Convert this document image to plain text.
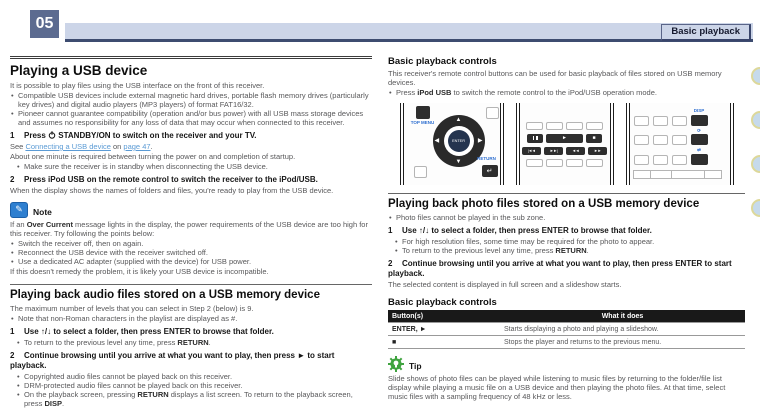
05	Basic playback
Playing a USB device

It is possible to play files using the USB interface on the front of this receiver.

• Compatible USB devices include external magnetic hard drives, portable flash memory drives (particularly key drives) and digital audio players (MP3 players) of format FAT16/32.
• Pioneer cannot guarantee compatibility (operation and/or bus power) with all USB mass storage devices and assumes no responsibility for any loss of data that may occur when connected to this receiver.

1 Press STANDBY/ON to switch on the receiver and your TV.

See Connecting a USB device on page 47.

About one minute is required between turning the power on and completion of startup.

• Make sure the receiver is in standby when disconnecting the USB device.

2 Press iPod USB on the remote control to switch the receiver to the iPod/USB.

When the display shows the names of folders and files, you're ready to play from the USB device.

✎	Note

If an Over Current message lights in the display, the power requirements of the USB device are too high for this receiver. Try following the points below:

• Switch the receiver off, then on again.
• Reconnect the USB device with the receiver switched off.
• Use a dedicated AC adapter (supplied with the device) for USB power.

If this doesn't remedy the problem, it is likely your USB device is incompatible.

Playing back audio files stored on a USB memory device

The maximum number of levels that you can select in Step 2 (below) is 9.

• Note that non-Roman characters in the playlist are displayed as #.

1 Use ↑/↓ to select a folder, then press ENTER to browse that folder.

• To return to the previous level any time, press RETURN.

2 Continue browsing until you arrive at what you want to play, then press ► to start playback.

• Copyrighted audio files cannot be played back on this receiver.
• DRM-protected audio files cannot be played back on this receiver.
• On the playback screen, pressing RETURN displays a list screen. To return to the playback screen, press DISP.
Basic playback controls

This receiver's remote control buttons can be used for basic playback of files stored on USB memory devices.

• Press iPod USB to switch the remote control to the iPod/USB operation mode.
TOP MENU	▲
▼
◀	▶
ENTER
RETURN
↵
►	■
|◄◄	►►|	◄◄	►►
DISP
⟳
⇄
Playing back photo files stored on a USB memory device
• Photo files cannot be played in the sub zone.

1 Use ↑/↓ to select a folder, then press ENTER to browse that folder.

• For high resolution files, some time may be required for the photo to appear.
• To return to the previous level any time, press RETURN.

2 Continue browsing until you arrive at what you want to play, then press ENTER to start playback.

The selected content is displayed in full screen and a slideshow starts.

Basic playback controls
Button(s)	What it does
ENTER, ►	Starts displaying a photo and playing a slideshow.
■	Stops the player and returns to the previous menu.
Tip

Slide shows of photo files can be played while listening to music files by returning to the folder/file list display while playing a music file on a USB device and then playing the photo files. At that time, select music files with a sampling frequency of 48 kHz or less.
